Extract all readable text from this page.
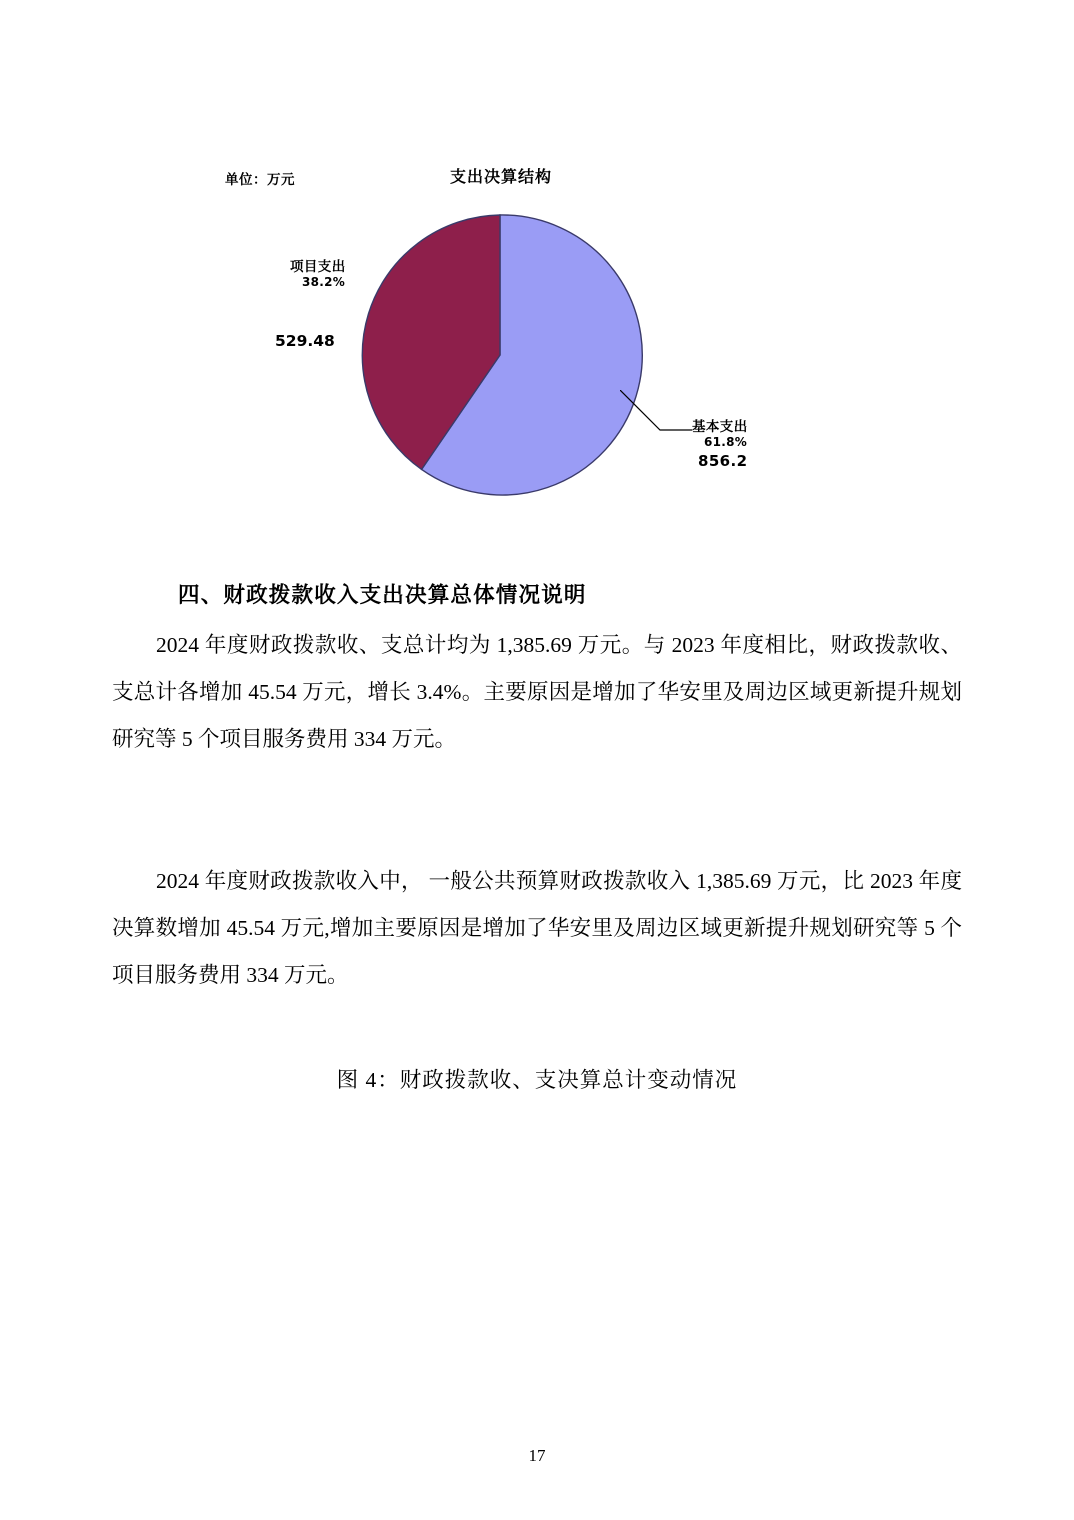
单位：万元	支出决算结构
项目支出
38.2%
529.48
基本支出
61.8%
856.2
四、财政拨款收入支出决算总体情况说明
2024 年度财政拨款收、支总计均为 1,385.69 万元。与 2023 年度相比，财政拨款收、支总计各增加 45.54 万元，增长 3.4%。主要原因是增加了华安里及周边区域更新提升规划研究等 5 个项目服务费用 334 万元。
2024 年度财政拨款收入中， 一般公共预算财政拨款收入 1,385.69 万元，比 2023 年度决算数增加 45.54 万元,增加主要原因是增加了华安里及周边区域更新提升规划研究等 5 个项目服务费用 334 万元。
图 4：财政拨款收、支决算总计变动情况
17
